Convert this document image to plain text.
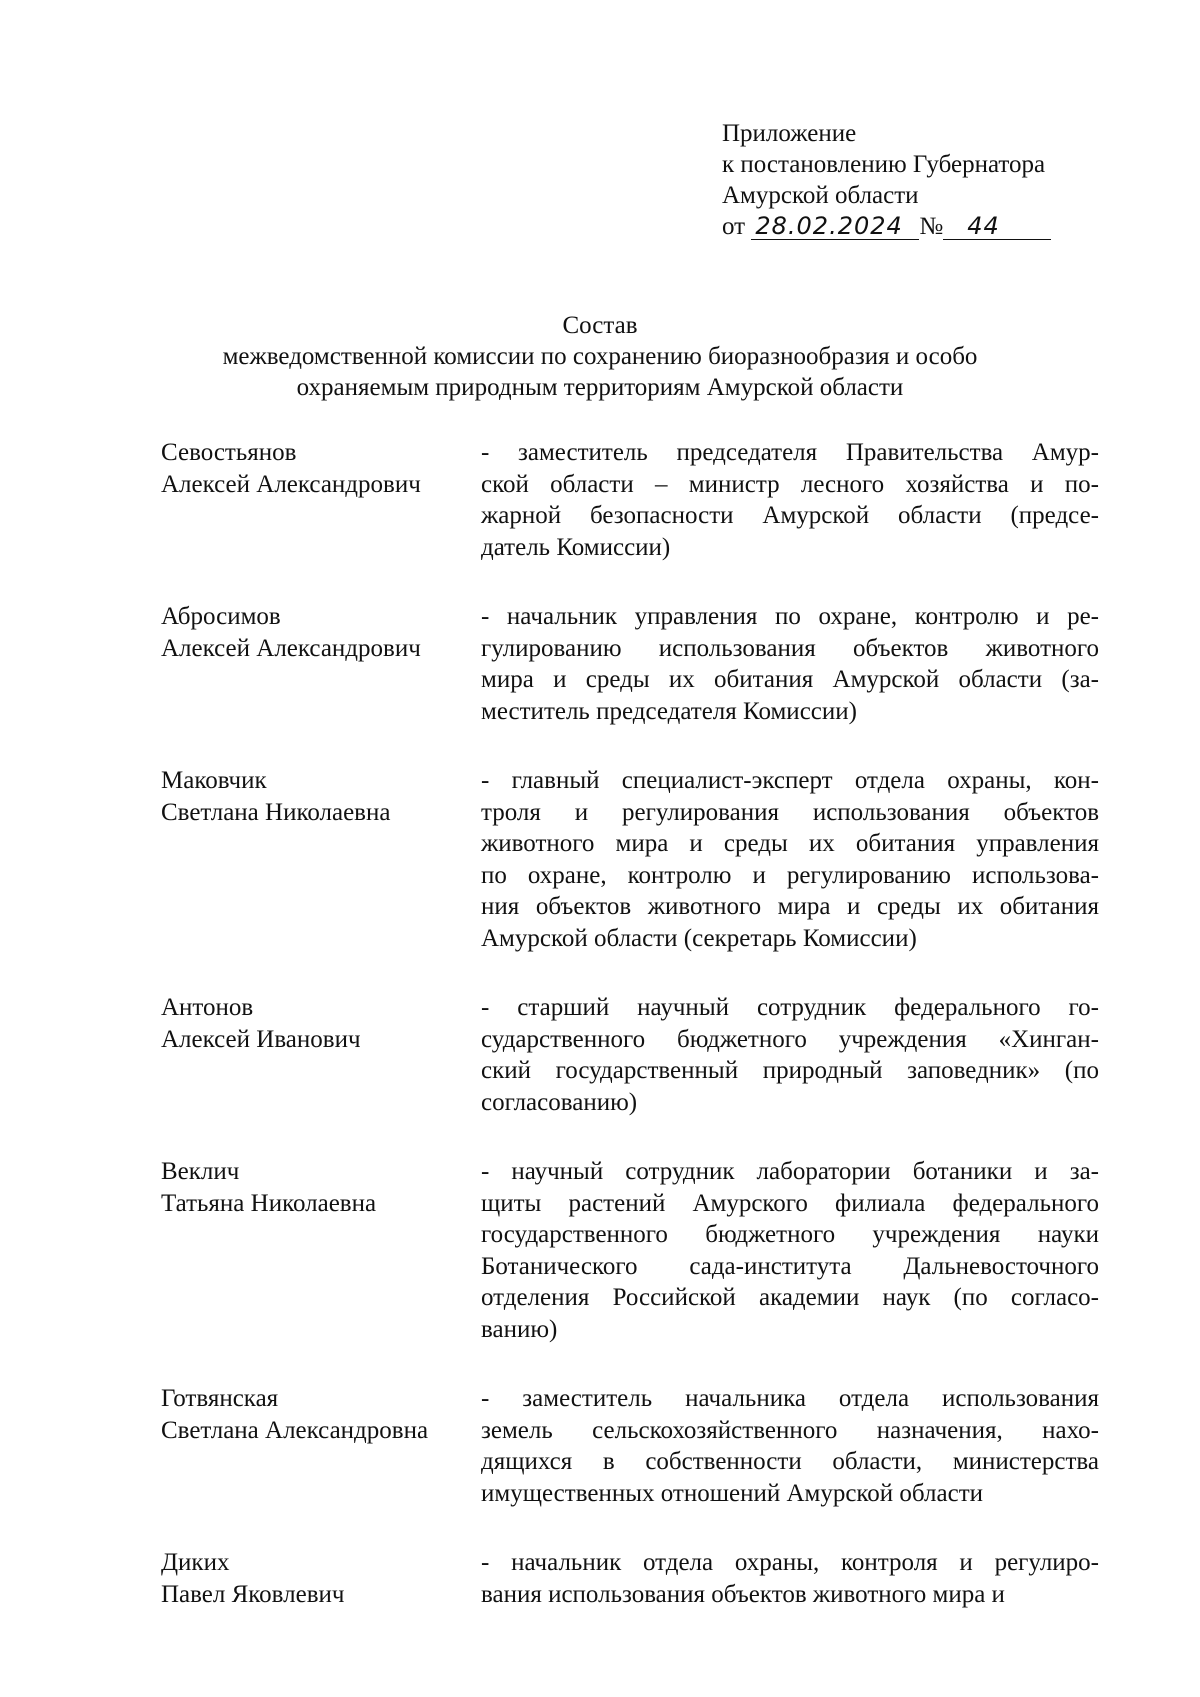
Приложение
к постановлению Губернатора
Амурской области
от 28.02.2024 № 44
Состав
межведомственной комиссии по сохранению биоразнообразия и особо
охраняемым природным территориям Амурской области
Севостьянов
Алексей Александрович
- заместитель председателя Правительства Амур-
ской области – министр лесного хозяйства и по-
жарной безопасности Амурской области (предсе-
датель Комиссии)
Абросимов
Алексей Александрович
- начальник управления по охране, контролю и ре-
гулированию использования объектов животного
мира и среды их обитания Амурской области (за-
меститель председателя Комиссии)
Маковчик
Светлана Николаевна
- главный специалист-эксперт отдела охраны, кон-
троля и регулирования использования объектов
животного мира и среды их обитания управления
по охране, контролю и регулированию использова-
ния объектов животного мира и среды их обитания
Амурской области (секретарь Комиссии)
Антонов
Алексей Иванович
- старший научный сотрудник федерального го-
сударственного бюджетного учреждения «Хинган-
ский государственный природный заповедник» (по
согласованию)
Веклич
Татьяна Николаевна
- научный сотрудник лаборатории ботаники и за-
щиты растений Амурского филиала федерального
государственного бюджетного учреждения науки
Ботанического сада-института Дальневосточного
отделения Российской академии наук (по согласо-
ванию)
Готвянская
Светлана Александровна
- заместитель начальника отдела использования
земель сельскохозяйственного назначения, нахо-
дящихся в собственности области, министерства
имущественных отношений Амурской области
Диких
Павел Яковлевич
- начальник отдела охраны, контроля и регулиро-
вания использования объектов животного мира и
